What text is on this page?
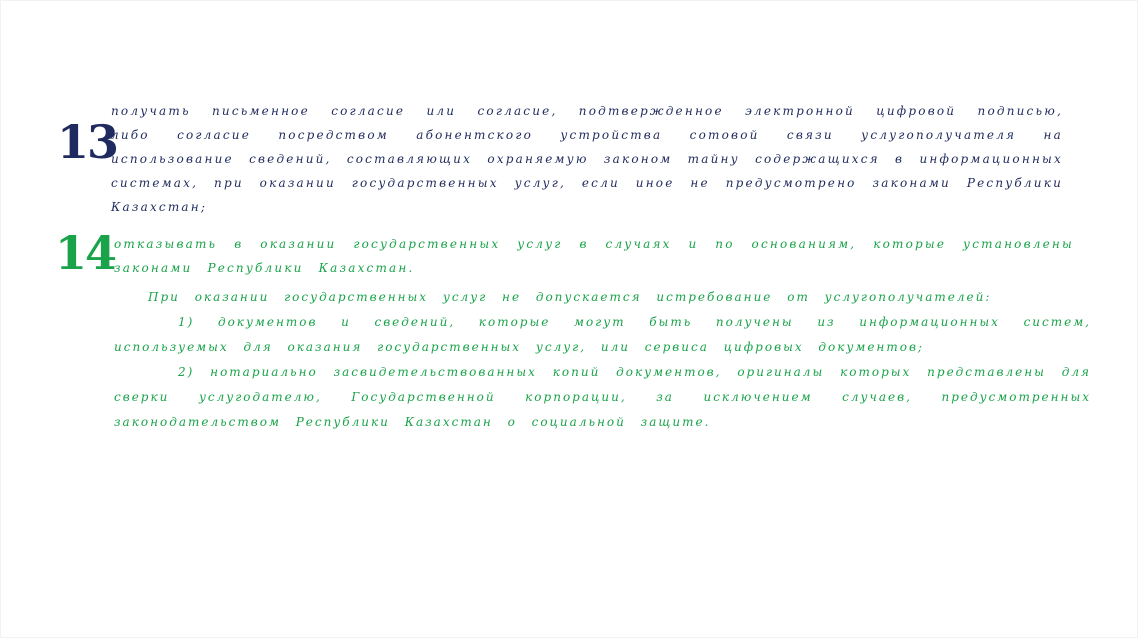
13
получать письменное согласие или согласие, подтвержденное электронной цифровой подписью, либо согласие посредством абонентского устройства сотовой связи услугополучателя на использование сведений, составляющих охраняемую законом тайну содержащихся в информационных системах, при оказании государственных услуг, если иное не предусмотрено законами Республики Казахстан;
14
отказывать в оказании государственных услуг в случаях и по основаниям, которые установлены законами Республики Казахстан.

При оказании государственных услуг не допускается истребование от услугополучателей:

1) документов и сведений, которые могут быть получены из информационных систем, используемых для оказания государственных услуг, или сервиса цифровых документов;

2) нотариально засвидетельствованных копий документов, оригиналы которых представлены для сверки услугодателю, Государственной корпорации, за исключением случаев, предусмотренных законодательством Республики Казахстан о социальной защите.
